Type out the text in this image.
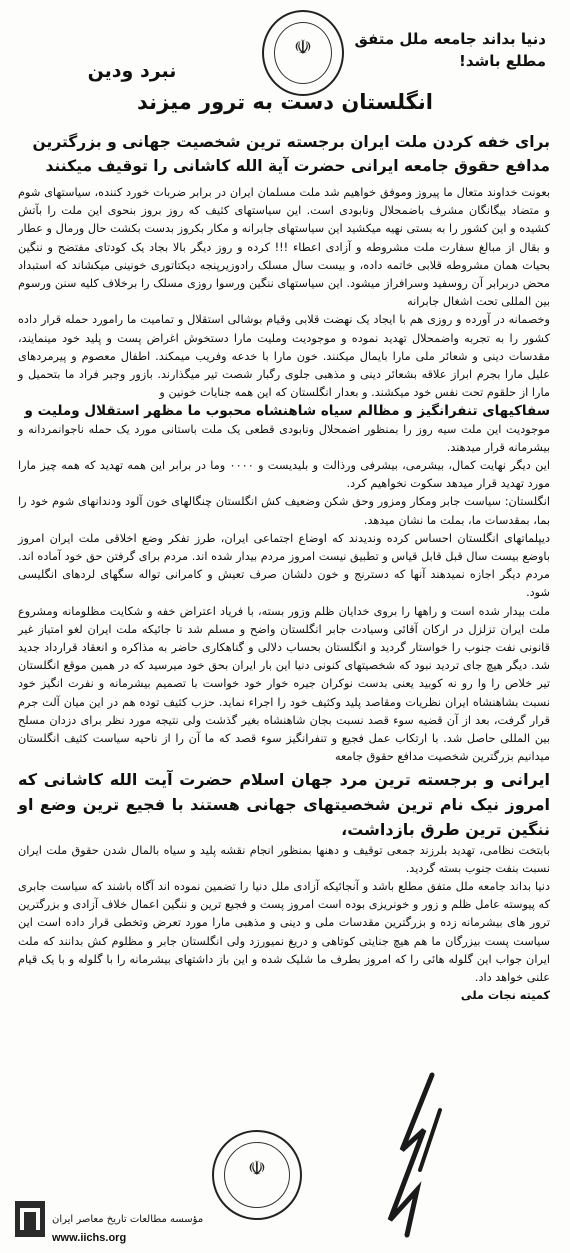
☫	دنیا بداند جامعه ملل متفق
مطلع باشد!
نبرد ودین
انگلستان دست به ترور میزند
برای خفه کردن ملت ایران برجسته ترین شخصیت جهانی و بزرگترین مدافع حقوق جامعه ایرانی حضرت آیة الله کاشانی را توقیف میکنند

بعونت خداوند متعال ما پیروز وموفق خواهیم شد ملت مسلمان ایران در برابر ضربات خورد کننده، سیاستهای شوم و متضاد بیگانگان مشرف باضمحلال ونابودی است. این سیاستهای کثیف که روز بروز بنحوی این ملت را بآتش کشیده و این کشور را به بستی نهیه میکشید این سیاستهای جابرانه و مکار بکروز بدست بکشت حال ورمال و عطار و بقال از مبالغ سفارت ملت مشروطه و آزادی اعطاء !!! کرده و روز دیگر بالا بجاد یک کودتای مفتضح و ننگین بحیات همان مشروطه قلابی خاتمه داده، و بیست سال مسلک رادوزیرپنجه دیکتاتوری خونینی میکشاند که استبداد محض دربرابر آن روسفید وسرافراز میشود. این سیاستهای ننگین ورسوا روزی مسلک را برخلاف کلیه سنن ورسوم بین المللی تحت اشغال جابرانه

وخصمانه در آورده و روزی هم با ایجاد یک نهضت قلابی وقیام بوشالی استقلال و تمامیت ما رامورد حمله قرار داده کشور را به تجربه واضمحلال تهدید نموده و موجودیت وملیت مارا دستخوش اغراض پست و پلید خود مینمایند، مقدسات دینی و شعائر ملی مارا بایمال میکنند. خون مارا با خدعه وفریب میمکند. اطفال معصوم و پیرمردهای علیل مارا بجرم ابراز علاقه بشعائر دینی و مذهبی جلوی رگبار شصت تیر میگذارند. بازور وجبر فراد ما بتحمیل و مارا از حلقوم تحت نفس خود میکشند. و بعدار انگلستان که این همه جنایات خونین و

سفاکیهای تنفرانگیز و مظالم سیاه شاهنشاه محبوب ما مظهر استقلال وملیت و

موجودیت این ملت سیه روز را بمنظور اضمحلال ونابودی قطعی یک ملت باستانی مورد یک حمله ناجوانمردانه و بیشرمانه قرار میدهند.

این دیگر نهایت کمال، بیشرمی، بیشرفی ورذالت و بلیدیست و ۰۰۰۰ وما در برابر این همه تهدید که همه چیز مارا مورد تهدید قرار میدهد سکوت نخواهیم کرد.

انگلستان: سیاست جابر ومکار ومزور وحق شکن وضعیف کش انگلستان چنگالهای خون آلود ودندانهای شوم خود را بما، بمقدسات ما، بملت ما نشان میدهد.

دیپلماتهای انگلستان احساس کرده وندیدند که اوضاع اجتماعی ایران، طرز تفکر وضع اخلاقی ملت ایران امروز باوضع بیست سال قبل قابل قیاس و تطبیق نیست امروز مردم بیدار شده اند. مردم برای گرفتن حق خود آماده اند. مردم دیگر اجازه نمیدهند آنها که دسترنج و خون دلشان صرف تعیش و کامرانی تواله سگهای لردهای انگلیسی شود.

ملت بیدار شده است و راهها را بروی خدایان ظلم وزور بسته، با فریاد اعتراض خفه و شکایت مظلومانه ومشروع ملت ایران تزلزل در ارکان آقائی وسیادت جابر انگلستان واضح و مسلم شد تا جائیکه ملت ایران لغو امتیاز غیر قانونی نفت جنوب را خواستار گردید و انگلستان بحساب دلالی و گناهکاری حاضر به مذاکره و انعقاد قرارداد جدید شد. دیگر هیچ جای تردید نبود که شخصیتهای کنونی دنیا این بار ایران بحق خود میرسید که در همین موقع انگلستان تیر خلاص را وا رو نه کوبید یعنی بدست نوکران جیره خوار خود خواست با تصمیم بیشرمانه و نفرت انگیز خود نسبت بشاهنشاه ایران نظریات ومقاصد پلید وکثیف خود را اجراء نماید. حزب کثیف توده هم در این میان آلت جرم قرار گرفت، بعد از آن قضیه سوء قصد نسبت بجان شاهنشاه بغیر گذشت ولی نتیجه مورد نظر برای دزدان مسلح بین المللی حاصل شد. با ارتکاب عمل فجیع و تنفرانگیز سوء قصد که ما آن را از ناحیه سیاست کثیف انگلستان میدانیم بزرگترین شخصیت مدافع حقوق جامعه

ایرانی و برجسته ترین مرد جهان اسلام حضرت آیت الله کاشانی که امروز نیک نام ترین شخصیتهای جهانی هستند با فجیع ترین وضع او ننگین ترین طرق بازداشت،

بابتخت نظامی، تهدید بلرزند جمعی توقیف و دهنها بمنظور انجام نقشه پلید و سیاه بالمال شدن حقوق ملت ایران نسبت بنفت جنوب بسته گردید.

دنیا بداند جامعه ملل متفق مطلع باشد و آنجائیکه آزادی ملل دنیا را تضمین نموده اند آگاه باشند که سیاست جابری که پیوسته عامل ظلم و زور و خونریزی بوده است امروز پست و فجیع ترین و ننگین اعمال خلاف آزادی و بزرگترین ترور های بیشرمانه زده و بزرگترین مقدسات ملی و دینی و مذهبی مارا مورد تعرض وتخطی قرار داده است این سیاست پست بیزرگان ما هم هیچ جنایتی کوتاهی و دریغ نمیورزد ولی انگلستان جابر و مظلوم کش بدانند که ملت ایران جواب این گلوله هائی را که امروز بطرف ما شلیک شده و این باز داشتهای بیشرمانه را با گلوله و با یک قیام علنی خواهد داد.

کمیته نجات ملی

☫
مؤسسه مطالعات تاریخ معاصر ایران
www.iichs.org
